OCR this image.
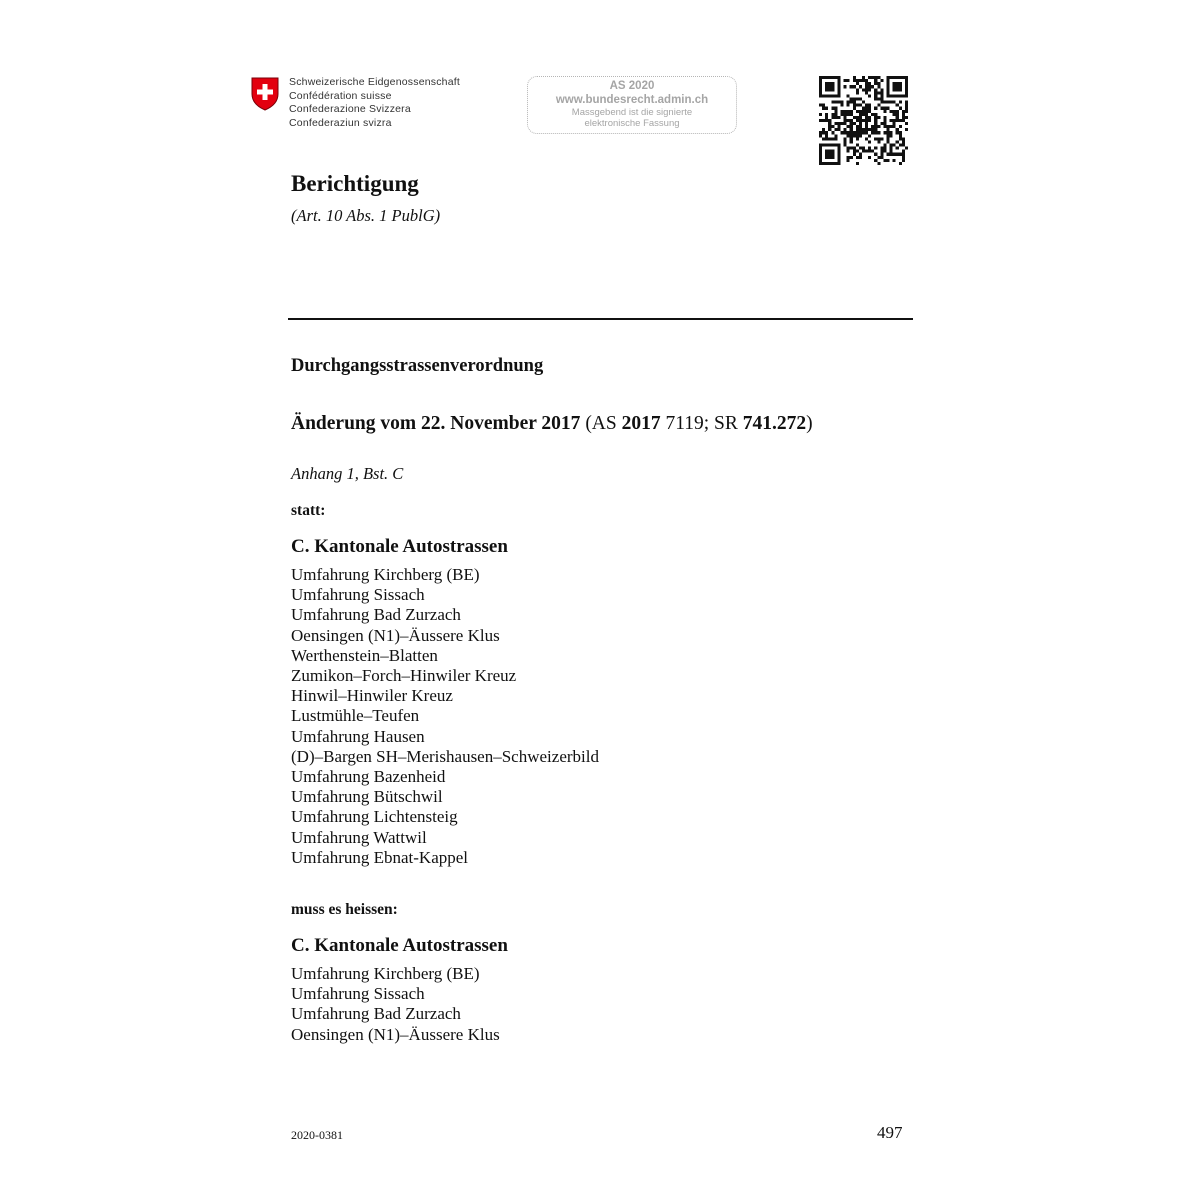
Schweizerische Eidgenossenschaft
Confédération suisse
Confederazione Svizzera
Confederaziun svizra
AS 2020
www.bundesrecht.admin.ch
Massgebend ist die signierte
elektronische Fassung
Berichtigung
(Art. 10 Abs. 1 PublG)
Durchgangsstrassenverordnung
Änderung vom 22. November 2017 (AS 2017 7119; SR 741.272)
Anhang 1, Bst. C
statt:
C. Kantonale Autostrassen
Umfahrung Kirchberg (BE)
Umfahrung Sissach
Umfahrung Bad Zurzach
Oensingen (N1)–Äussere Klus
Werthenstein–Blatten
Zumikon–Forch–Hinwiler Kreuz
Hinwil–Hinwiler Kreuz
Lustmühle–Teufen
Umfahrung Hausen
(D)–Bargen SH–Merishausen–Schweizerbild
Umfahrung Bazenheid
Umfahrung Bütschwil
Umfahrung Lichtensteig
Umfahrung Wattwil
Umfahrung Ebnat-Kappel
muss es heissen:
C. Kantonale Autostrassen
Umfahrung Kirchberg (BE)
Umfahrung Sissach
Umfahrung Bad Zurzach
Oensingen (N1)–Äussere Klus
2020-0381	497
